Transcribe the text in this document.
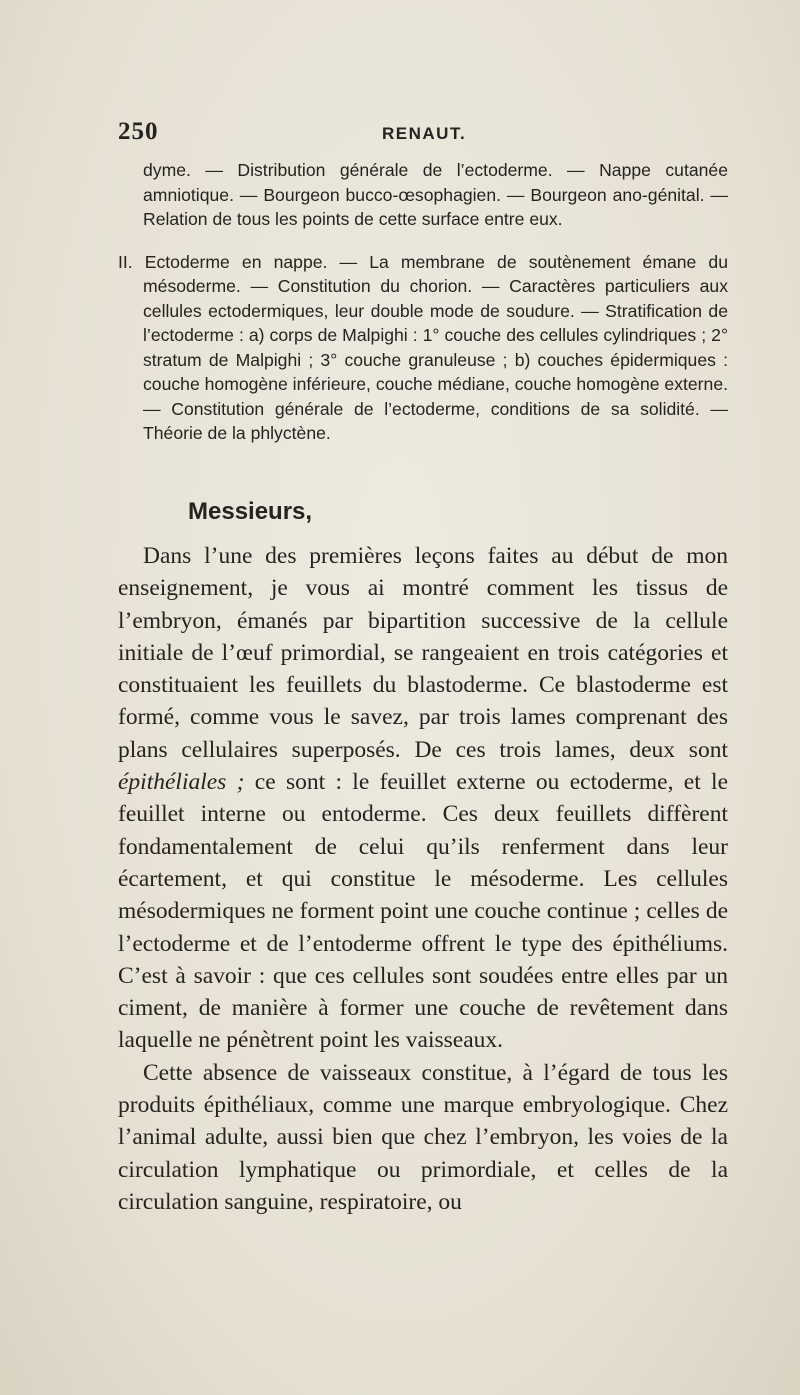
250	RENAUT.

dyme. — Distribution générale de l’ectoderme. — Nappe cutanée amniotique. — Bourgeon bucco-œsophagien. — Bourgeon ano-génital. — Relation de tous les points de cette surface entre eux.

II. Ectoderme en nappe. — La membrane de soutènement émane du mésoderme. — Constitution du chorion. — Caractères particuliers aux cellules ectodermiques, leur double mode de soudure. — Stratification de l’ectoderme : a) corps de Malpighi : 1° couche des cellules cylindriques ; 2° stratum de Malpighi ; 3° couche granuleuse ; b) couches épidermiques : couche homogène inférieure, couche médiane, couche homogène externe. — Constitution générale de l’ectoderme, conditions de sa solidité. — Théorie de la phlyctène.

Messieurs,

Dans l’une des premières leçons faites au début de mon enseignement, je vous ai montré comment les tissus de l’embryon, émanés par bipartition successive de la cellule initiale de l’œuf primordial, se rangeaient en trois catégories et constituaient les feuillets du blastoderme. Ce blastoderme est formé, comme vous le savez, par trois lames comprenant des plans cellulaires superposés. De ces trois lames, deux sont épithéliales ; ce sont : le feuillet externe ou ectoderme, et le feuillet interne ou entoderme. Ces deux feuillets diffèrent fondamentalement de celui qu’ils renferment dans leur écartement, et qui constitue le mésoderme. Les cellules mésodermiques ne forment point une couche continue ; celles de l’ectoderme et de l’entoderme offrent le type des épithéliums. C’est à savoir : que ces cellules sont soudées entre elles par un ciment, de manière à former une couche de revêtement dans laquelle ne pénètrent point les vaisseaux.

Cette absence de vaisseaux constitue, à l’égard de tous les produits épithéliaux, comme une marque embryologique. Chez l’animal adulte, aussi bien que chez l’embryon, les voies de la circulation lymphatique ou primordiale, et celles de la circulation sanguine, respiratoire, ou
